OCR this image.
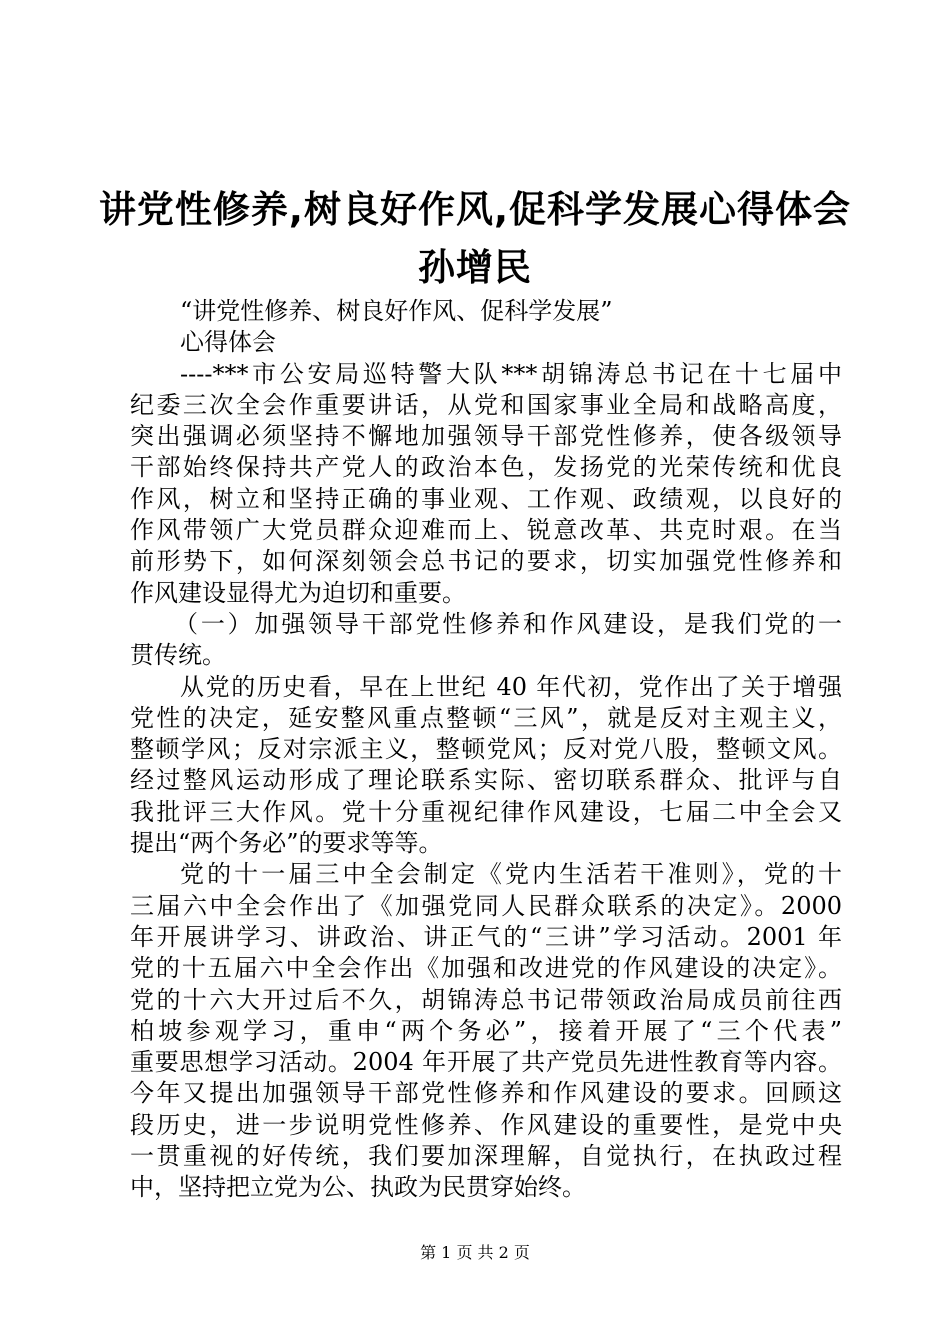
讲党性修养,树良好作风,促科学发展心得体会
孙增民
“讲党性修养、树良好作风、促科学发展”
心得体会
----***市公安局巡特警大队***胡锦涛总书记在十七届中
纪委三次全会作重要讲话，从党和国家事业全局和战略高度，
突出强调必须坚持不懈地加强领导干部党性修养，使各级领导
干部始终保持共产党人的政治本色，发扬党的光荣传统和优良
作风，树立和坚持正确的事业观、工作观、政绩观，以良好的
作风带领广大党员群众迎难而上、锐意改革、共克时艰。在当
前形势下，如何深刻领会总书记的要求，切实加强党性修养和
作风建设显得尤为迫切和重要。
（一）加强领导干部党性修养和作风建设，是我们党的一
贯传统。
从党的历史看，早在上世纪 40 年代初，党作出了关于增强
党性的决定，延安整风重点整顿“三风”，就是反对主观主义，
整顿学风；反对宗派主义，整顿党风；反对党八股，整顿文风。
经过整风运动形成了理论联系实际、密切联系群众、批评与自
我批评三大作风。党十分重视纪律作风建设，七届二中全会又
提出“两个务必”的要求等等。
党的十一届三中全会制定《党内生活若干准则》，党的十
三届六中全会作出了《加强党同人民群众联系的决定》。2000
年开展讲学习、讲政治、讲正气的“三讲”学习活动。2001 年
党的十五届六中全会作出《加强和改进党的作风建设的决定》。
党的十六大开过后不久，胡锦涛总书记带领政治局成员前往西
柏坡参观学习，重申“两个务必”，接着开展了“三个代表”
重要思想学习活动。2004 年开展了共产党员先进性教育等内容。
今年又提出加强领导干部党性修养和作风建设的要求。回顾这
段历史，进一步说明党性修养、作风建设的重要性，是党中央
一贯重视的好传统，我们要加深理解，自觉执行，在执政过程
中，坚持把立党为公、执政为民贯穿始终。
第 1 页 共 2 页
